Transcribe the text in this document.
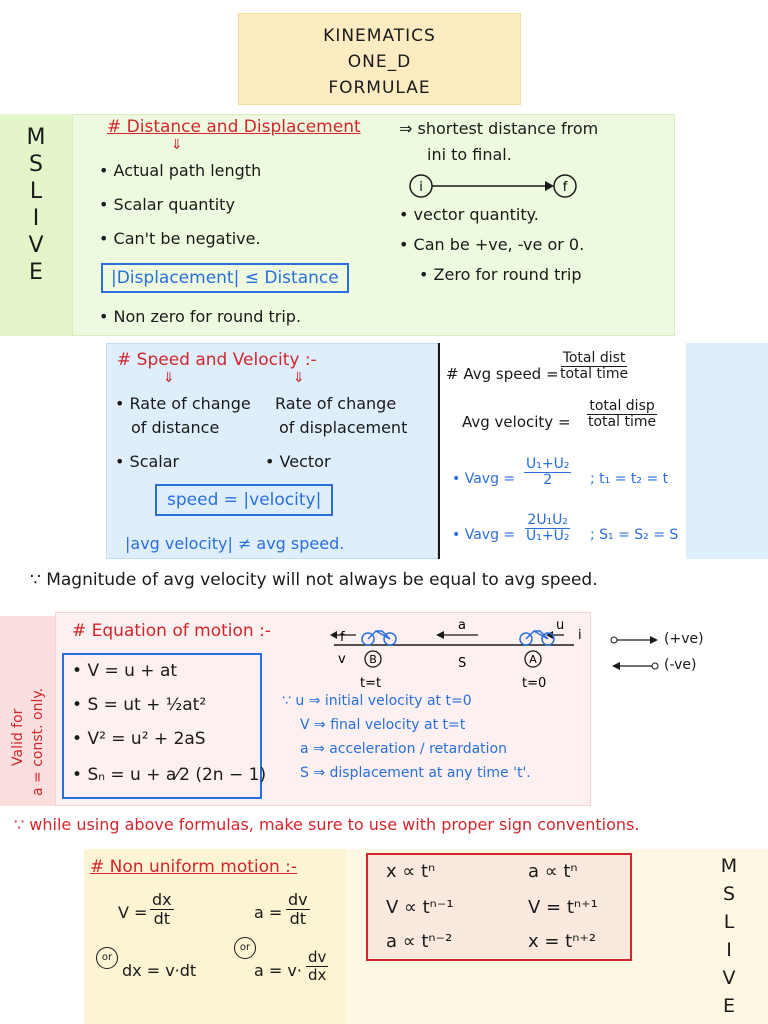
KINEMATICS
ONE_D
FORMULAE
M
S
L
I
V
E
# Distance and Displacement
⇓
⇒ shortest distance from
ini to final.
• Actual path length
• Scalar quantity
• Can't be negative.
i	f
• vector quantity.
• Can be +ve, -ve or 0.
• Zero for round trip
|Displacement| ≤ Distance
• Non zero for round trip.
# Speed and Velocity :-
⇓	⇓
• Rate of change
of distance
Rate of change
of displacement
• Scalar	• Vector
speed = |velocity|
|avg velocity| ≠ avg speed.
# Avg speed =
Total dist
total time
Avg velocity =
total disp
total time
• Vavg = $\frac{\text{U₁+U₂}}{2}$ ; t₁ = t₂ = t
• Vavg = $\frac{\text{2U₁U₂}}{\text{U₁+U₂}}$ ; S₁ = S₂ = S
∵ Magnitude of avg velocity will not always be equal to avg speed.
Valid for a = const. only.
# Equation of motion :-
• V = u + at
• S = ut + ½at²
• V² = u² + 2aS
• Sₙ = u + a⁄2 (2n − 1)
v
a	u
i
f
S
B	A
t=t	t=0
∵ u ⇒ initial velocity at t=0
V ⇒ final velocity at t=t
a ⇒ acceleration / retardation
S ⇒ displacement at any time 't'.
(+ve)
(-ve)
∵ while using above formulas, make sure to use with proper sign conventions.
# Non uniform motion :-
$V = \frac{dx}{dt}$	$a = \frac{dv}{dt}$
or
or
dx = v·dt	$a = v\cdot \frac{dv}{dx}$
x ∝ tⁿ	a ∝ tⁿ
V ∝ tⁿ⁻¹	V = tⁿ⁺¹
a ∝ tⁿ⁻²	x = tⁿ⁺²
M
S
L
I
V
E
